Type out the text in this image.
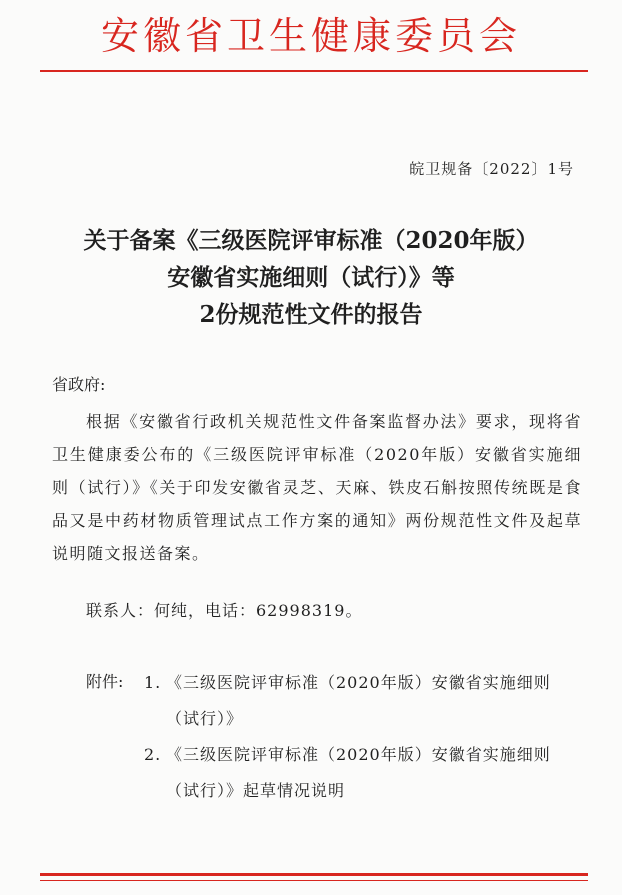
安徽省卫生健康委员会
皖卫规备〔2022〕1号
关于备案《三级医院评审标准（2020年版）
安徽省实施细则（试行）》等
2份规范性文件的报告
省政府:
根据《安徽省行政机关规范性文件备案监督办法》要求，现将省卫生健康委公布的《三级医院评审标准（2020年版）安徽省实施细则（试行）》《关于印发安徽省灵芝、天麻、铁皮石斛按照传统既是食品又是中药材物质管理试点工作方案的通知》两份规范性文件及起草说明随文报送备案。
联系人：何纯，电话：62998319。
附件: 1. 《三级医院评审标准（2020年版）安徽省实施细则（试行）》
2. 《三级医院评审标准（2020年版）安徽省实施细则（试行）》起草情况说明
